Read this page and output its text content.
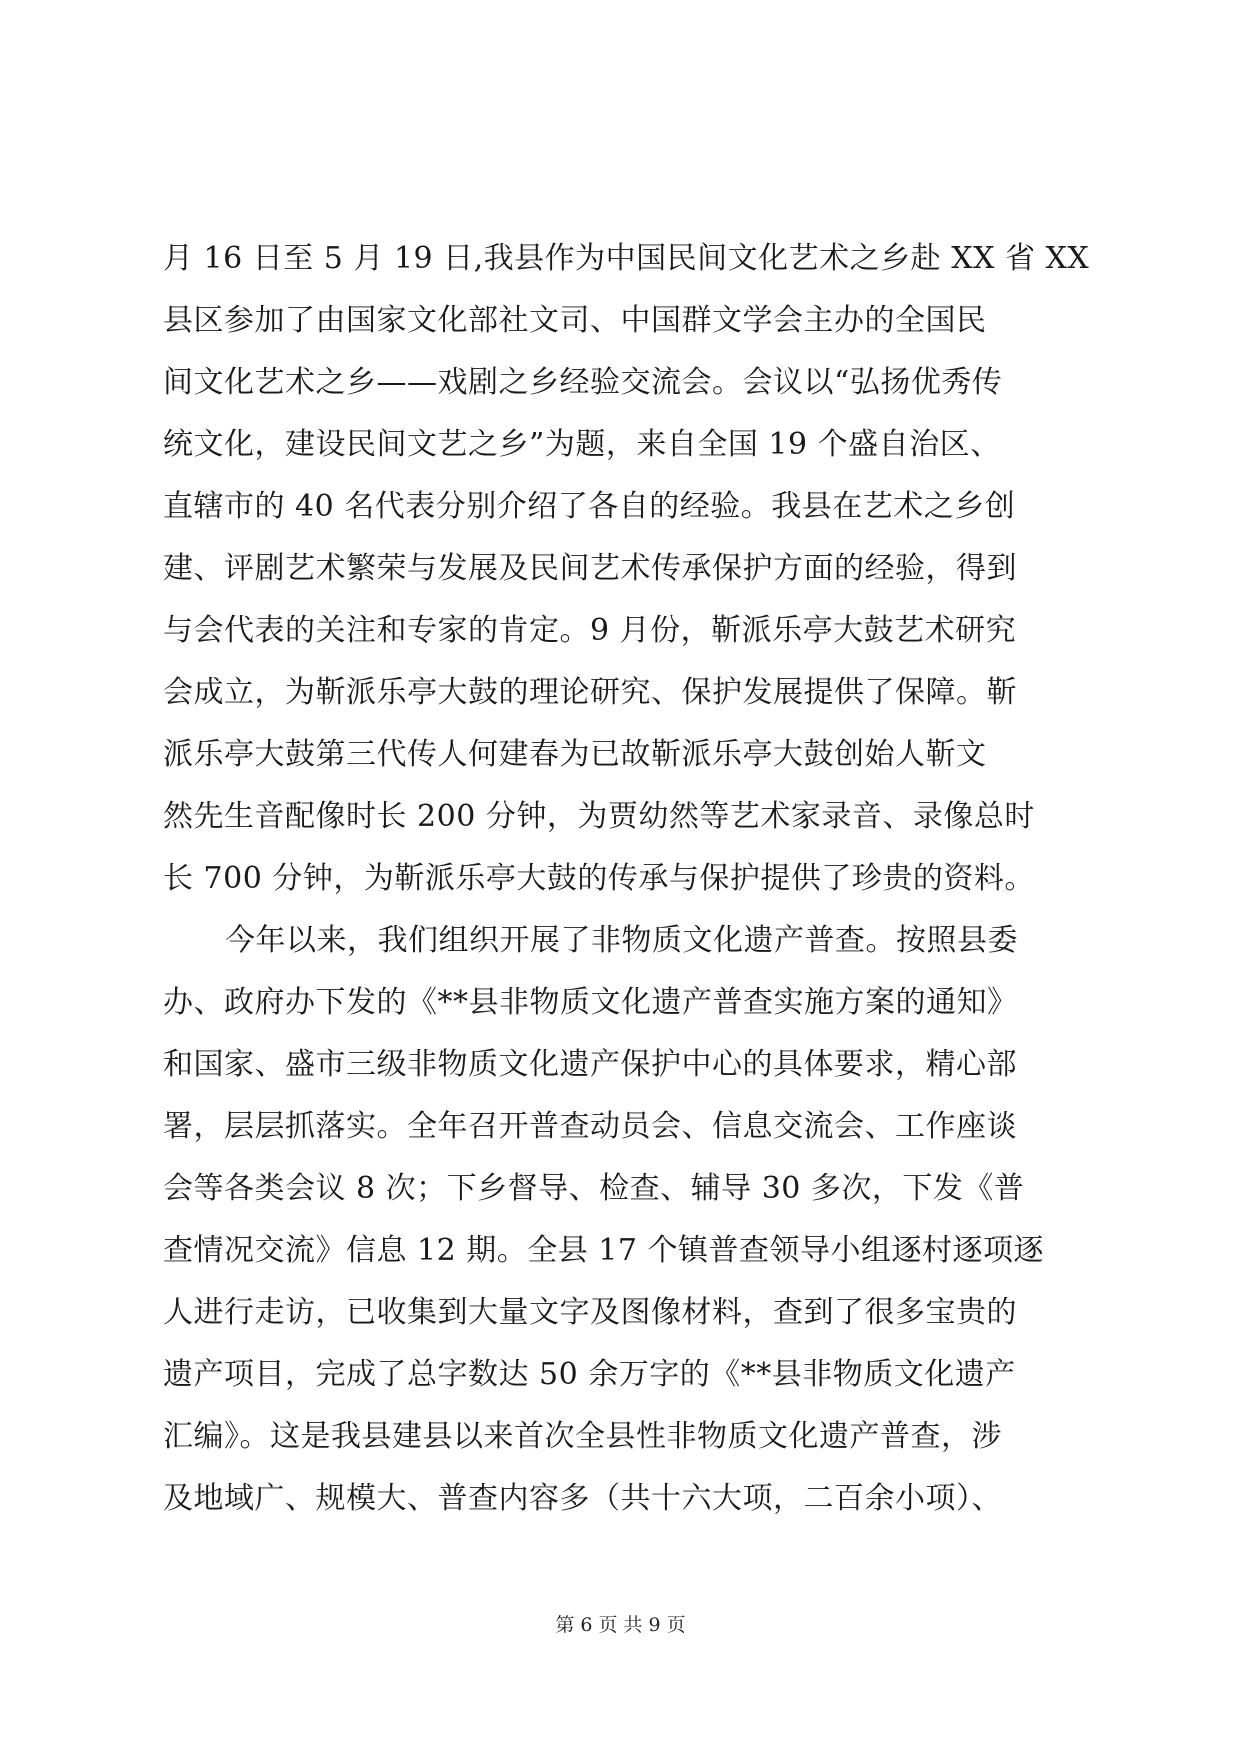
月 16 日至 5 月 19 日,我县作为中国民间文化艺术之乡赴 XX 省 XX
县区参加了由国家文化部社文司、中国群文学会主办的全国民
间文化艺术之乡——戏剧之乡经验交流会。会议以“弘扬优秀传
统文化，建设民间文艺之乡”为题，来自全国 19 个盛自治区、
直辖市的 40 名代表分别介绍了各自的经验。我县在艺术之乡创
建、评剧艺术繁荣与发展及民间艺术传承保护方面的经验，得到
与会代表的关注和专家的肯定。9 月份，靳派乐亭大鼓艺术研究
会成立，为靳派乐亭大鼓的理论研究、保护发展提供了保障。靳
派乐亭大鼓第三代传人何建春为已故靳派乐亭大鼓创始人靳文
然先生音配像时长 200 分钟，为贾幼然等艺术家录音、录像总时
长 700 分钟，为靳派乐亭大鼓的传承与保护提供了珍贵的资料。
今年以来，我们组织开展了非物质文化遗产普查。按照县委
办、政府办下发的《**县非物质文化遗产普查实施方案的通知》
和国家、盛市三级非物质文化遗产保护中心的具体要求，精心部
署，层层抓落实。全年召开普查动员会、信息交流会、工作座谈
会等各类会议 8 次；下乡督导、检查、辅导 30 多次，下发《普
查情况交流》信息 12 期。全县 17 个镇普查领导小组逐村逐项逐
人进行走访，已收集到大量文字及图像材料，查到了很多宝贵的
遗产项目，完成了总字数达 50 余万字的《**县非物质文化遗产
汇编》。这是我县建县以来首次全县性非物质文化遗产普查，涉
及地域广、规模大、普查内容多（共十六大项，二百余小项）、
第 6 页 共 9 页
